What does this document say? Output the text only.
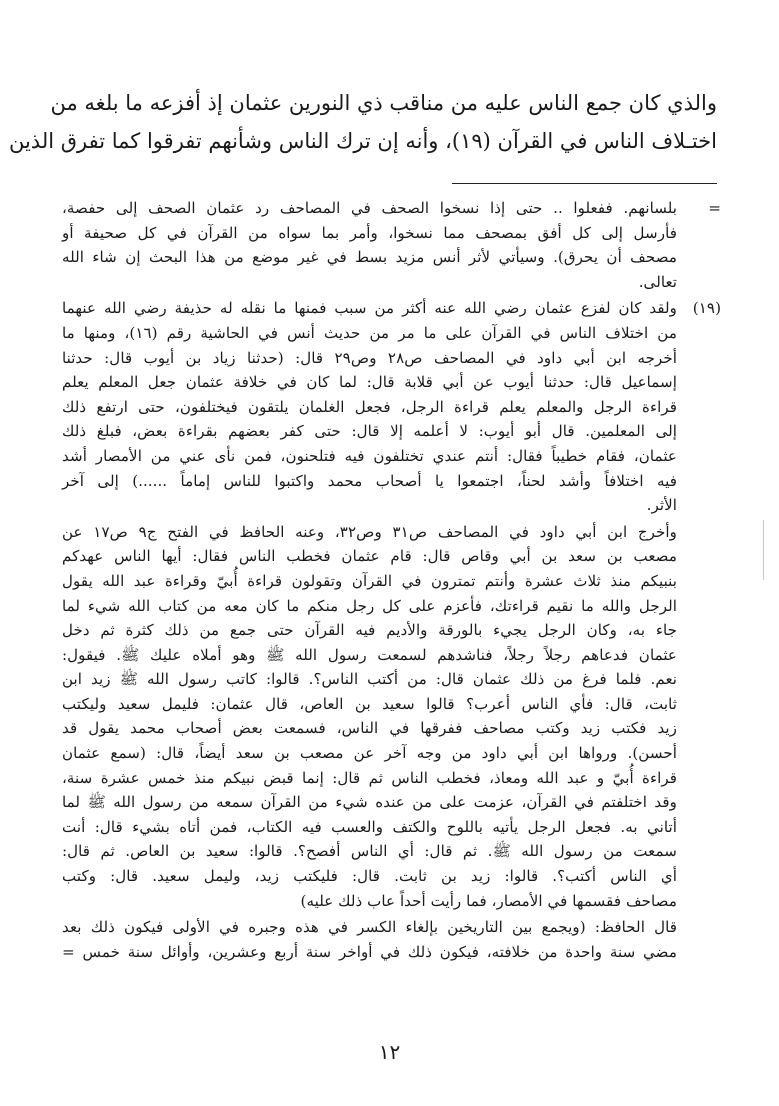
والذي كان جمع الناس عليه من مناقب ذي النورين عثمان إذ أفزعه ما بلغه من
اختـلاف الناس في القرآن (١٩)، وأنه إن ترك الناس وشأنهم تفرقوا كما تفرق الذين
=
بلسانهم. ففعلوا .. حتى إذا نسخوا الصحف في المصاحف رد عثمان الصحف إلى حفصة،
فأرسل إلى كل أفق بمصحف مما نسخوا، وأمر بما سواه من القرآن في كل صحيفة أو
مصحف أن يحرق). وسيأتي لأثر أنس مزيد بسط في غير موضع من هذا البحث إن شاء الله
تعالى.
(١٩)
ولقد كان لفزع عثمان رضي الله عنه أكثر من سبب فمنها ما نقله له حذيفة رضي الله عنهما
من اختلاف الناس في القرآن على ما مر من حديث أنس في الحاشية رقم (١٦)، ومنها ما
أخرجه ابن أبي داود في المصاحف ص٢٨ وص٢٩ قال: (حدثنا زياد بن أيوب قال: حدثنا
إسماعيل قال: حدثنا أيوب عن أبي قلابة قال: لما كان في خلافة عثمان جعل المعلم يعلم
قراءة الرجل والمعلم يعلم قراءة الرجل، فجعل الغلمان يلتقون فيختلفون، حتى ارتفع ذلك
إلى المعلمين. قال أبو أيوب: لا أعلمه إلا قال: حتى كفر بعضهم بقراءة بعض، فبلغ ذلك
عثمان، فقام خطيباً فقال: أنتم عندي تختلفون فيه فتلحنون، فمن نأى عني من الأمصار أشد
فيه اختلافاً وأشد لحناً، اجتمعوا يا أصحاب محمد واكتبوا للناس إماماً ......) إلى آخر
الأثر.
وأخرج ابن أبي داود في المصاحف ص٣١ وص٣٢، وعنه الحافظ في الفتح ج٩ ص١٧ عن
مصعب بن سعد بن أبي وقاص قال: قام عثمان فخطب الناس فقال: أيها الناس عهدكم
بنبيكم منذ ثلاث عشرة وأنتم تمترون في القرآن وتقولون قراءة أُبيّ وقراءة عبد الله يقول
الرجل والله ما نقيم قراءتك، فأعزم على كل رجل منكم ما كان معه من كتاب الله شيء لما
جاء به، وكان الرجل يجيء بالورقة والأديم فيه القرآن حتى جمع من ذلك كثرة ثم دخل
عثمان فدعاهم رجلاً رجلاً، فناشدهم لسمعت رسول الله ﷺ وهو أملاه عليك ﷺ. فيقول:
نعم. فلما فرغ من ذلك عثمان قال: من أكتب الناس؟. قالوا: كاتب رسول الله ﷺ زيد ابن
ثابت، قال: فأي الناس أعرب؟ قالوا سعيد بن العاص، قال عثمان: فليمل سعيد وليكتب
زيد فكتب زيد وكتب مصاحف ففرقها في الناس، فسمعت بعض أصحاب محمد يقول قد
أحسن). ورواها ابن أبي داود من وجه آخر عن مصعب بن سعد أيضاً، قال: (سمع عثمان
قراءة أُبيّ و عبد الله ومعاذ، فخطب الناس ثم قال: إنما قبض نبيكم منذ خمس عشرة سنة،
وقد اختلفتم في القرآن، عزمت على من عنده شيء من القرآن سمعه من رسول الله ﷺ لما
أتاني به. فجعل الرجل يأتيه باللوح والكتف والعسب فيه الكتاب، فمن أتاه بشيء قال: أنت
سمعت من رسول الله ﷺ. ثم قال: أي الناس أفصح؟. قالوا: سعيد بن العاص. ثم قال:
أي الناس أكتب؟. قالوا: زيد بن ثابت. قال: فليكتب زيد، وليمل سعيد. قال: وكتب
مصاحف فقسمها في الأمصار، فما رأيت أحداً عاب ذلك عليه)
قال الحافظ: (ويجمع بين التاريخين بإلغاء الكسر في هذه وجبره في الأولى فيكون ذلك بعد
مضي سنة واحدة من خلافته، فيكون ذلك في أواخر سنة أربع وعشرين، وأوائل سنة خمس =
١٢
